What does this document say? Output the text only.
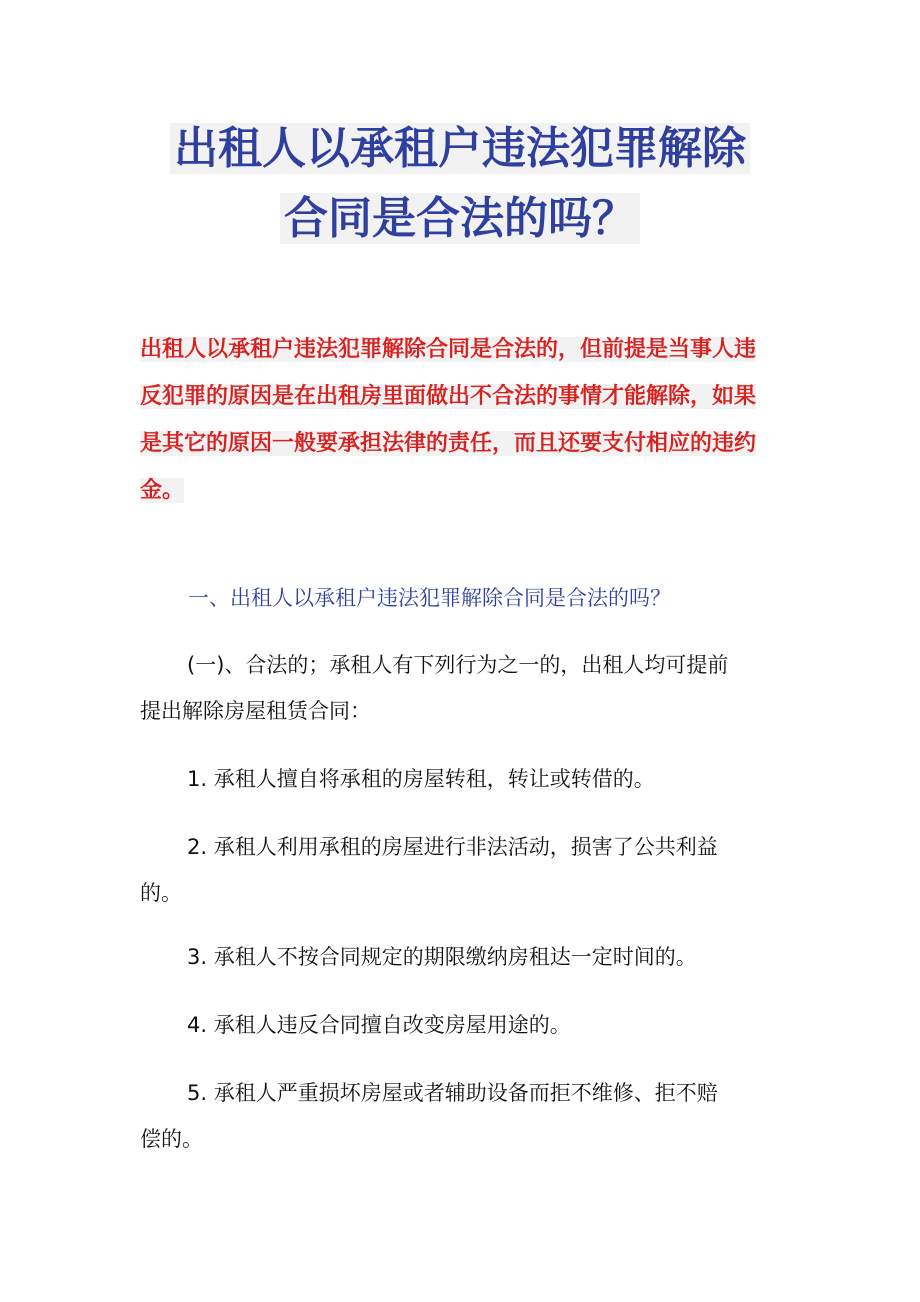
出租人以承租户违法犯罪解除
合同是合法的吗？
出租人以承租户违法犯罪解除合同是合法的，但前提是当事人违
反犯罪的原因是在出租房里面做出不合法的事情才能解除，如果
是其它的原因一般要承担法律的责任，而且还要支付相应的违约
金。
一、出租人以承租户违法犯罪解除合同是合法的吗？
(一)、合法的；承租人有下列行为之一的，出租人均可提前
提出解除房屋租赁合同：
1. 承租人擅自将承租的房屋转租，转让或转借的。
2. 承租人利用承租的房屋进行非法活动，损害了公共利益
的。
3. 承租人不按合同规定的期限缴纳房租达一定时间的。
4. 承租人违反合同擅自改变房屋用途的。
5. 承租人严重损坏房屋或者辅助设备而拒不维修、拒不赔
偿的。
